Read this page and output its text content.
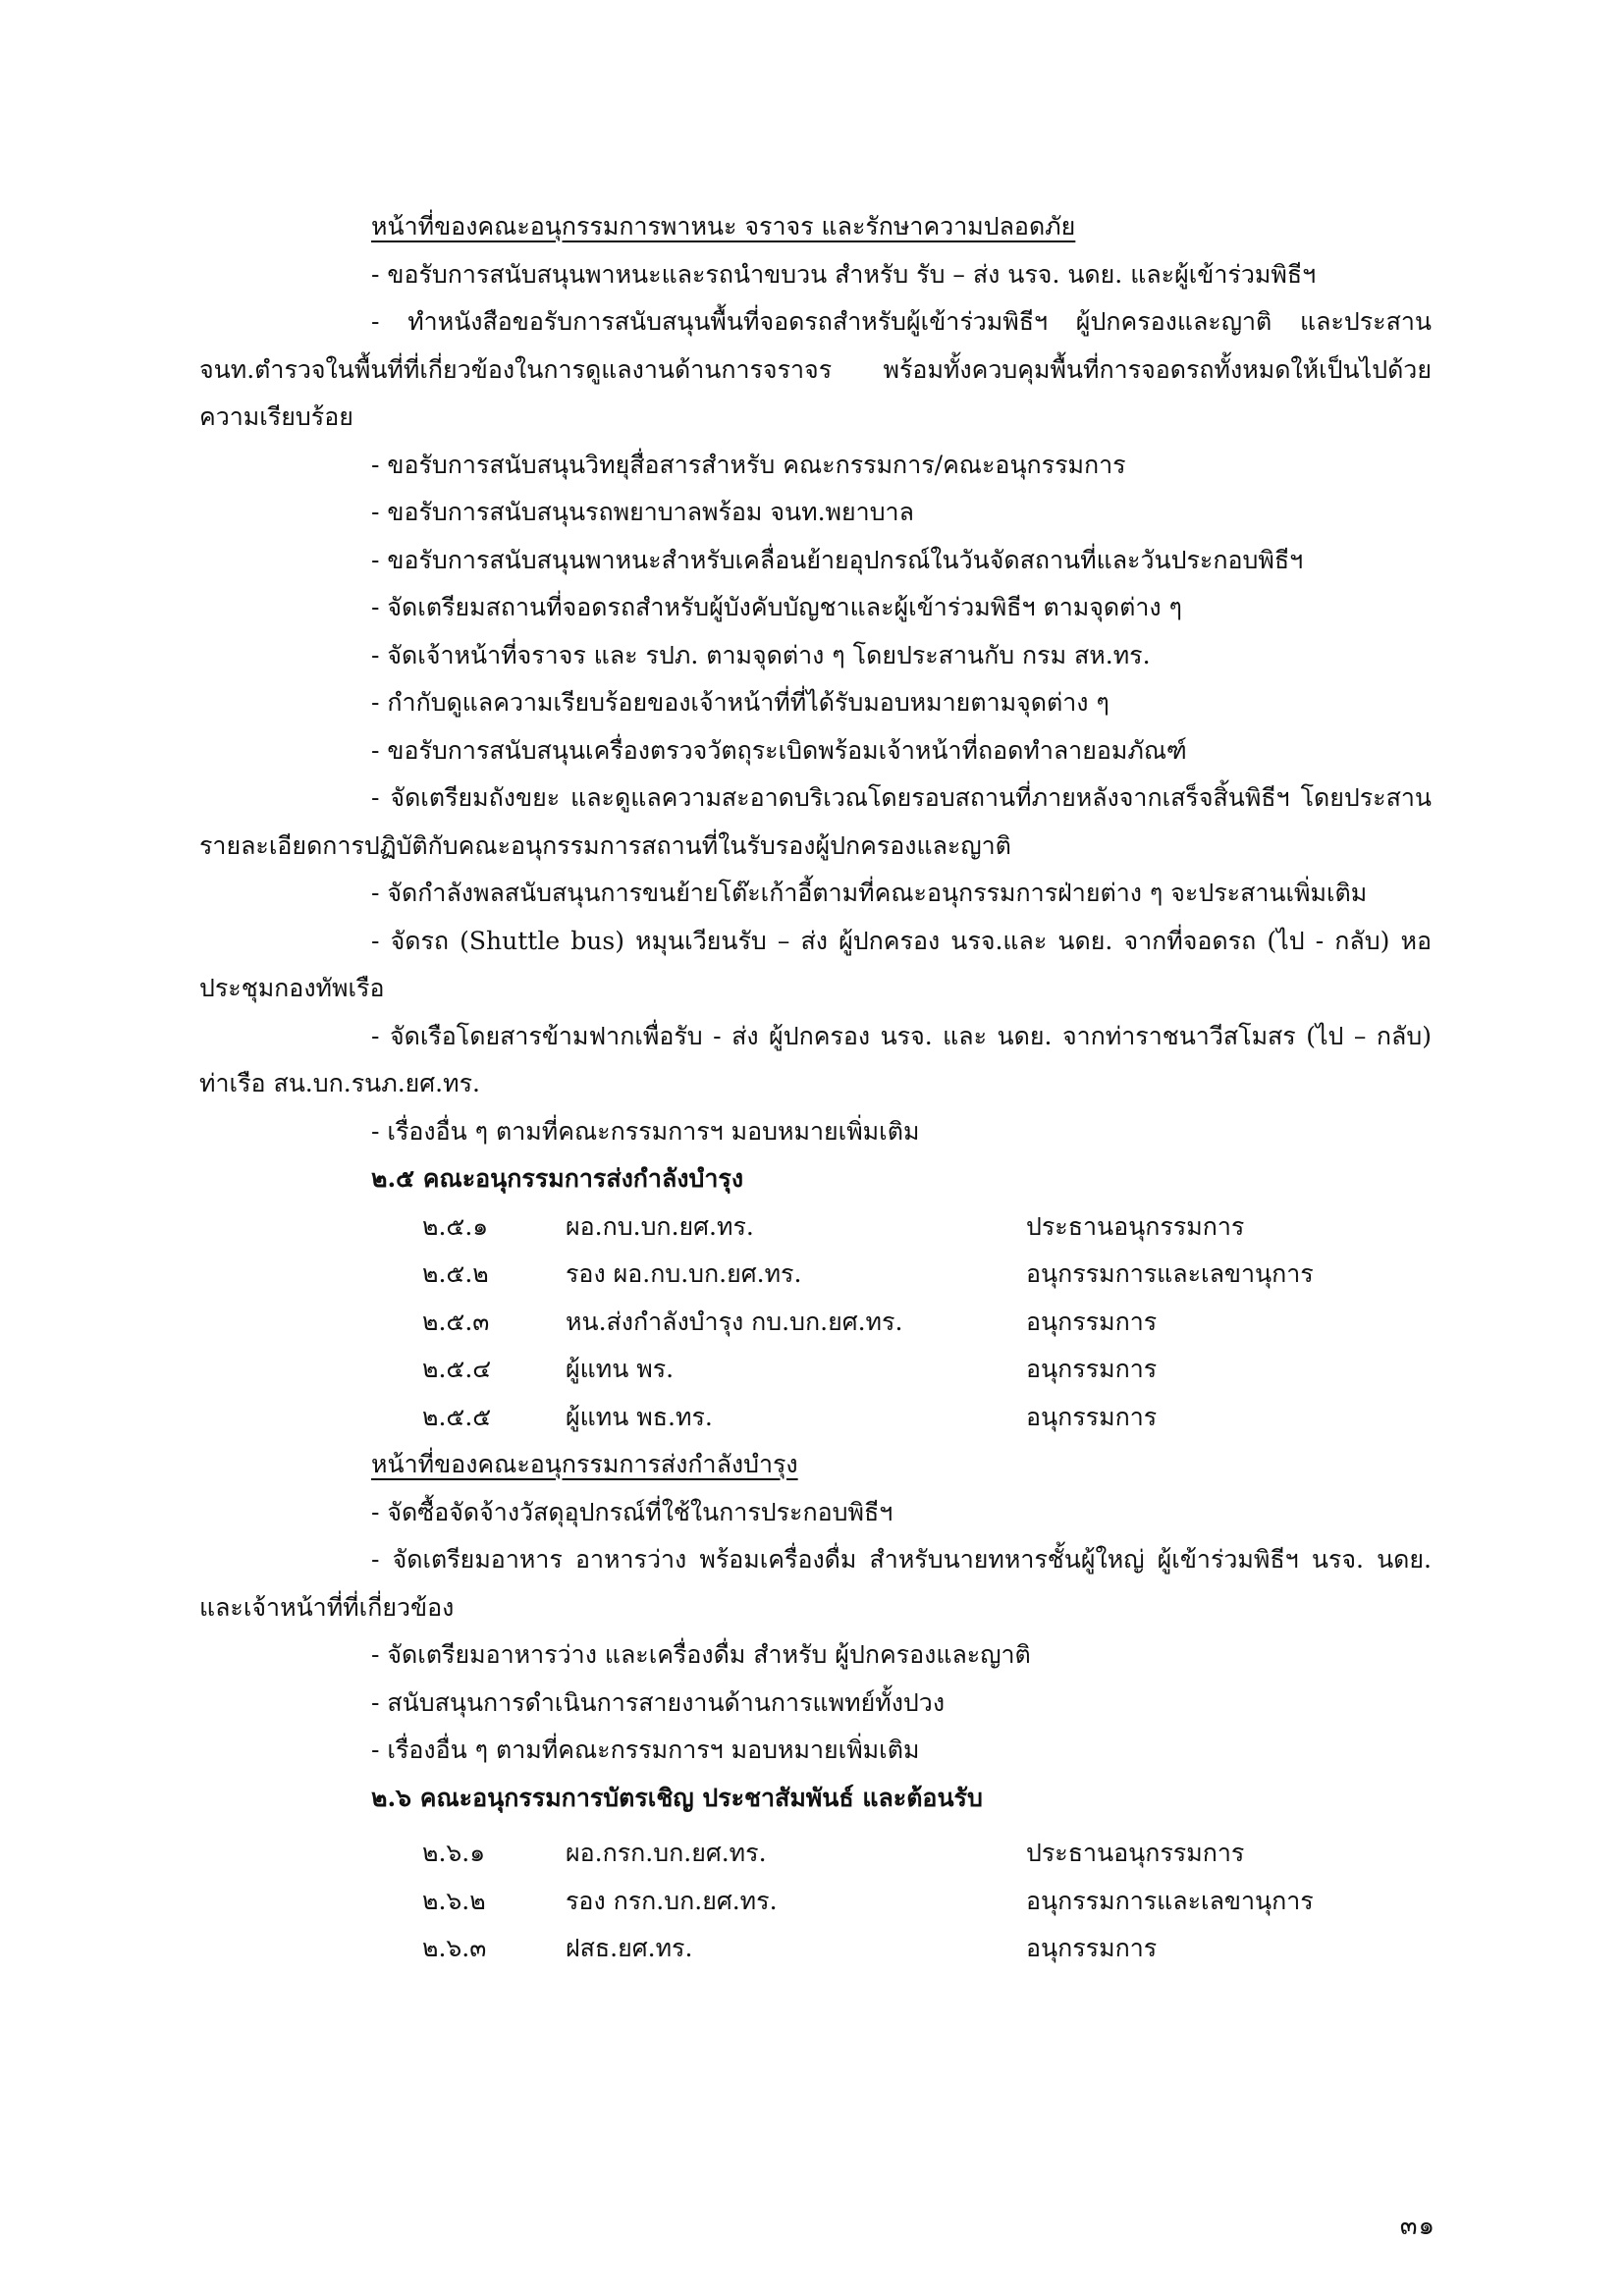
หน้าที่ของคณะอนุกรรมการพาหนะ จราจร และรักษาความปลอดภัย
- ขอรับการสนับสนุนพาหนะและรถนำขบวน สำหรับ รับ – ส่ง นรจ. นดย. และผู้เข้าร่วมพิธีฯ
- ทำหนังสือขอรับการสนับสนุนพื้นที่จอดรถสำหรับผู้เข้าร่วมพิธีฯ ผู้ปกครองและญาติ และประสาน จนท.ตำรวจในพื้นที่ที่เกี่ยวข้องในการดูแลงานด้านการจราจร พร้อมทั้งควบคุมพื้นที่การจอดรถทั้งหมดให้เป็นไปด้วยความเรียบร้อย
- ขอรับการสนับสนุนวิทยุสื่อสารสำหรับ คณะกรรมการ/คณะอนุกรรมการ
- ขอรับการสนับสนุนรถพยาบาลพร้อม จนท.พยาบาล
- ขอรับการสนับสนุนพาหนะสำหรับเคลื่อนย้ายอุปกรณ์ในวันจัดสถานที่และวันประกอบพิธีฯ
- จัดเตรียมสถานที่จอดรถสำหรับผู้บังคับบัญชาและผู้เข้าร่วมพิธีฯ ตามจุดต่าง ๆ
- จัดเจ้าหน้าที่จราจร และ รปภ. ตามจุดต่าง ๆ โดยประสานกับ กรม สห.ทร.
- กำกับดูแลความเรียบร้อยของเจ้าหน้าที่ที่ได้รับมอบหมายตามจุดต่าง ๆ
- ขอรับการสนับสนุนเครื่องตรวจวัตถุระเบิดพร้อมเจ้าหน้าที่ถอดทำลายอมภัณฑ์
- จัดเตรียมถังขยะ และดูแลความสะอาดบริเวณโดยรอบสถานที่ภายหลังจากเสร็จสิ้นพิธีฯ โดยประสานรายละเอียดการปฏิบัติกับคณะอนุกรรมการสถานที่ในรับรองผู้ปกครองและญาติ
- จัดกำลังพลสนับสนุนการขนย้ายโต๊ะเก้าอี้ตามที่คณะอนุกรรมการฝ่ายต่าง ๆ จะประสานเพิ่มเติม
- จัดรถ (Shuttle bus) หมุนเวียนรับ – ส่ง ผู้ปกครอง นรจ.และ นดย. จากที่จอดรถ (ไป - กลับ) หอประชุมกองทัพเรือ
- จัดเรือโดยสารข้ามฟากเพื่อรับ - ส่ง ผู้ปกครอง นรจ. และ นดย. จากท่าราชนาวีสโมสร (ไป – กลับ) ท่าเรือ สน.บก.รนภ.ยศ.ทร.
- เรื่องอื่น ๆ ตามที่คณะกรรมการฯ มอบหมายเพิ่มเติม
๒.๕ คณะอนุกรรมการส่งกำลังบำรุง
๒.๕.๑	ผอ.กบ.บก.ยศ.ทร.	ประธานอนุกรรมการ
๒.๕.๒	รอง ผอ.กบ.บก.ยศ.ทร.	อนุกรรมการและเลขานุการ
๒.๕.๓	หน.ส่งกำลังบำรุง กบ.บก.ยศ.ทร.	อนุกรรมการ
๒.๕.๔	ผู้แทน พร.	อนุกรรมการ
๒.๕.๕	ผู้แทน พธ.ทร.	อนุกรรมการ
หน้าที่ของคณะอนุกรรมการส่งกำลังบำรุง
- จัดซื้อจัดจ้างวัสดุอุปกรณ์ที่ใช้ในการประกอบพิธีฯ
- จัดเตรียมอาหาร อาหารว่าง พร้อมเครื่องดื่ม สำหรับนายทหารชั้นผู้ใหญ่ ผู้เข้าร่วมพิธีฯ นรจ. นดย. และเจ้าหน้าที่ที่เกี่ยวข้อง
- จัดเตรียมอาหารว่าง และเครื่องดื่ม สำหรับ ผู้ปกครองและญาติ
- สนับสนุนการดำเนินการสายงานด้านการแพทย์ทั้งปวง
- เรื่องอื่น ๆ ตามที่คณะกรรมการฯ มอบหมายเพิ่มเติม
๒.๖ คณะอนุกรรมการบัตรเชิญ ประชาสัมพันธ์ และต้อนรับ
๒.๖.๑	ผอ.กรก.บก.ยศ.ทร.	ประธานอนุกรรมการ
๒.๖.๒	รอง กรก.บก.ยศ.ทร.	อนุกรรมการและเลขานุการ
๒.๖.๓	ฝสธ.ยศ.ทร.	อนุกรรมการ
๓๑
